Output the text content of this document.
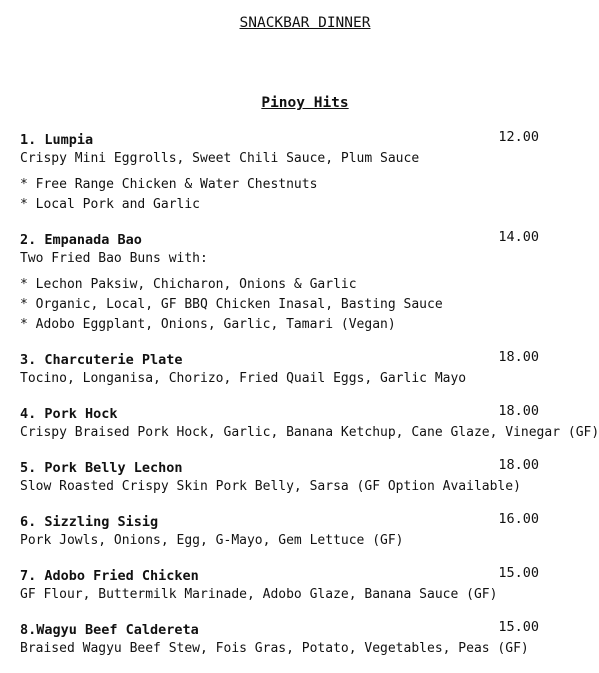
SNACKBAR DINNER
Pinoy Hits
1. Lumpia	12.00
Crispy Mini Eggrolls, Sweet Chili Sauce, Plum Sauce
* Free Range Chicken & Water Chestnuts
* Local Pork and Garlic
2. Empanada Bao	14.00
Two Fried Bao Buns with:
* Lechon Paksiw, Chicharon, Onions & Garlic
* Organic, Local, GF BBQ Chicken Inasal, Basting Sauce
* Adobo Eggplant, Onions, Garlic, Tamari (Vegan)
3. Charcuterie Plate	18.00
Tocino, Longanisa, Chorizo, Fried Quail Eggs, Garlic Mayo
4. Pork Hock	18.00
Crispy Braised Pork Hock, Garlic, Banana Ketchup, Cane Glaze, Vinegar (GF)
5. Pork Belly Lechon	18.00
Slow Roasted Crispy Skin Pork Belly, Sarsa (GF Option Available)
6. Sizzling Sisig	16.00
Pork Jowls, Onions, Egg, G-Mayo, Gem Lettuce (GF)
7. Adobo Fried Chicken	15.00
GF Flour, Buttermilk Marinade, Adobo Glaze, Banana Sauce (GF)
8.Wagyu Beef Caldereta	15.00
Braised Wagyu Beef Stew, Fois Gras, Potato, Vegetables, Peas (GF)
